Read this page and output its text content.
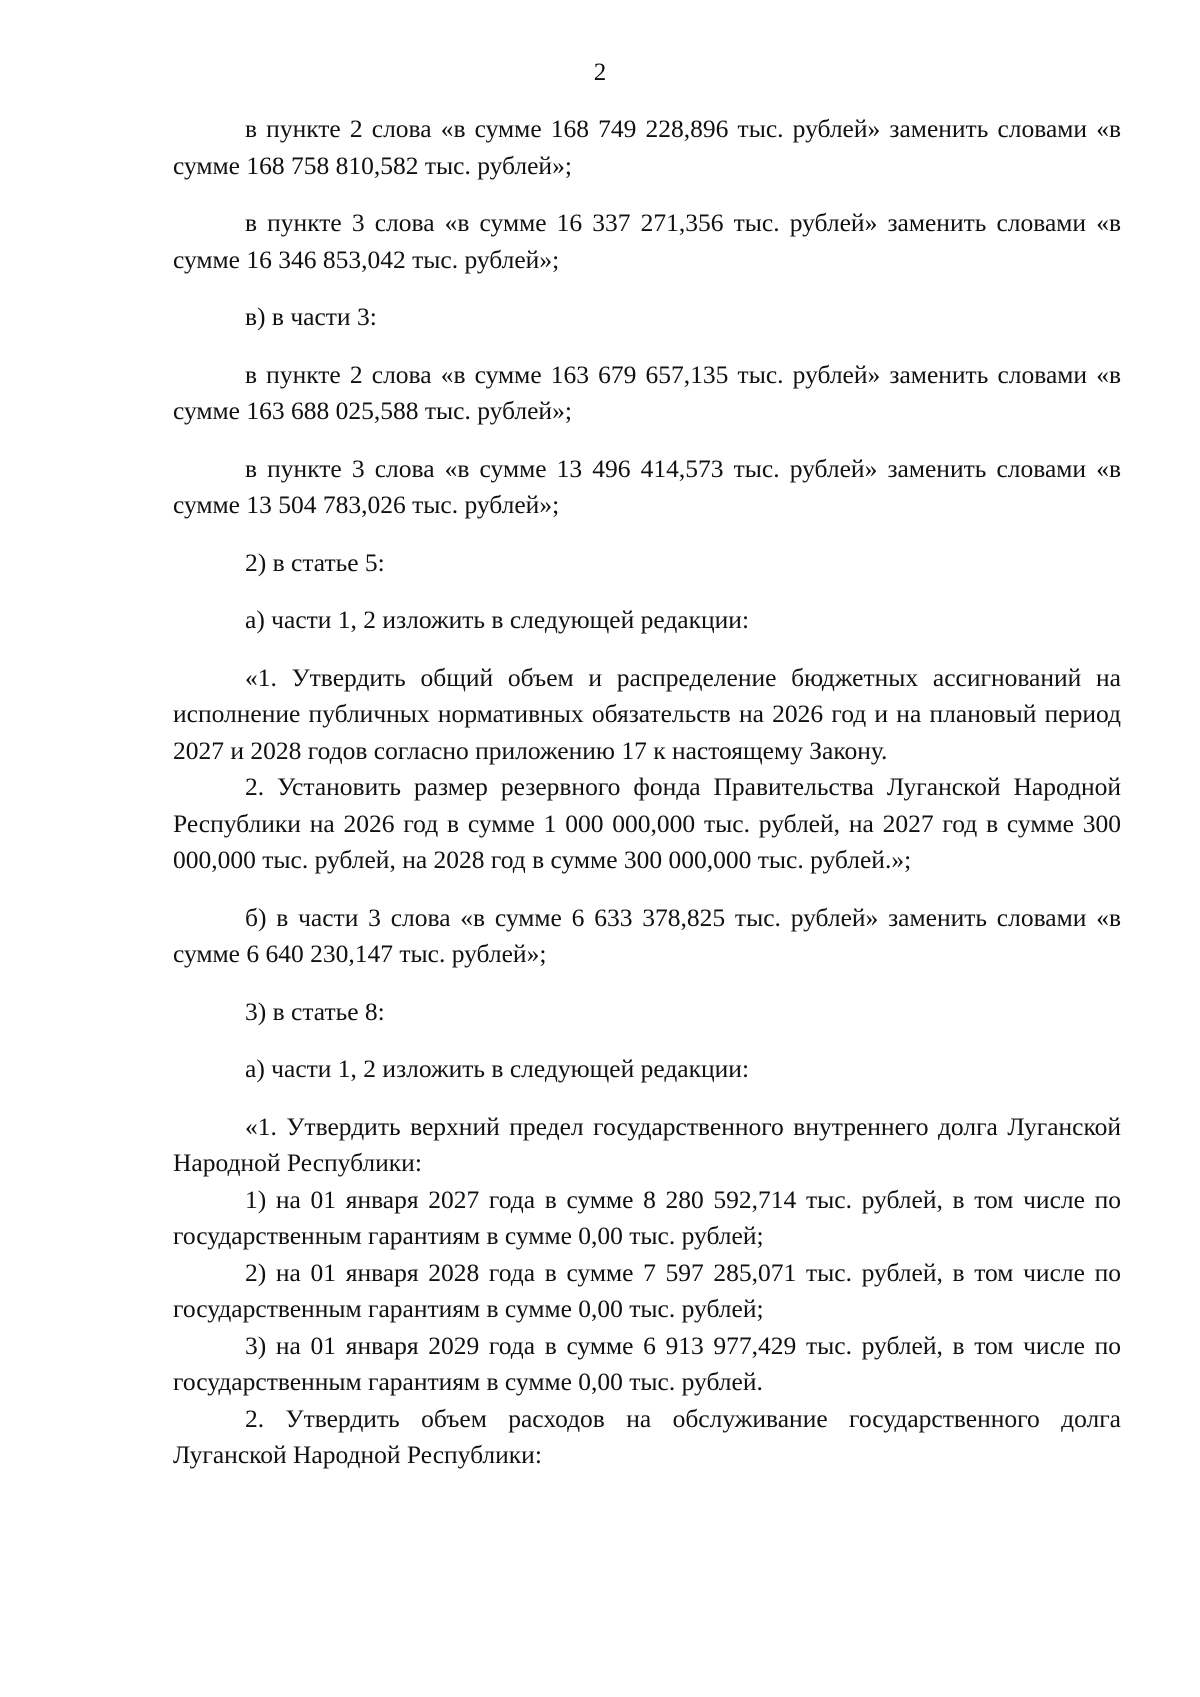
2

в пункте 2 слова «в сумме 168 749 228,896 тыс. рублей» заменить словами «в сумме 168 758 810,582 тыс. рублей»;

в пункте 3 слова «в сумме 16 337 271,356 тыс. рублей» заменить словами «в сумме 16 346 853,042 тыс. рублей»;

в) в части 3:

в пункте 2 слова «в сумме 163 679 657,135 тыс. рублей» заменить словами «в сумме 163 688 025,588 тыс. рублей»;

в пункте 3 слова «в сумме 13 496 414,573 тыс. рублей» заменить словами «в сумме 13 504 783,026 тыс. рублей»;

2) в статье 5:

а) части 1, 2 изложить в следующей редакции:

«1. Утвердить общий объем и распределение бюджетных ассигнований на исполнение публичных нормативных обязательств на 2026 год и на плановый период 2027 и 2028 годов согласно приложению 17 к настоящему Закону.

2. Установить размер резервного фонда Правительства Луганской Народной Республики на 2026 год в сумме 1 000 000,000 тыс. рублей, на 2027 год в сумме 300 000,000 тыс. рублей, на 2028 год в сумме 300 000,000 тыс. рублей.»;

б) в части 3 слова «в сумме 6 633 378,825 тыс. рублей» заменить словами «в сумме 6 640 230,147 тыс. рублей»;

3) в статье 8:

а) части 1, 2 изложить в следующей редакции:

«1. Утвердить верхний предел государственного внутреннего долга Луганской Народной Республики:

1) на 01 января 2027 года в сумме 8 280 592,714 тыс. рублей, в том числе по государственным гарантиям в сумме 0,00 тыс. рублей;

2) на 01 января 2028 года в сумме 7 597 285,071 тыс. рублей, в том числе по государственным гарантиям в сумме 0,00 тыс. рублей;

3) на 01 января 2029 года в сумме 6 913 977,429 тыс. рублей, в том числе по государственным гарантиям в сумме 0,00 тыс. рублей.

2. Утвердить объем расходов на обслуживание государственного долга Луганской Народной Республики:
